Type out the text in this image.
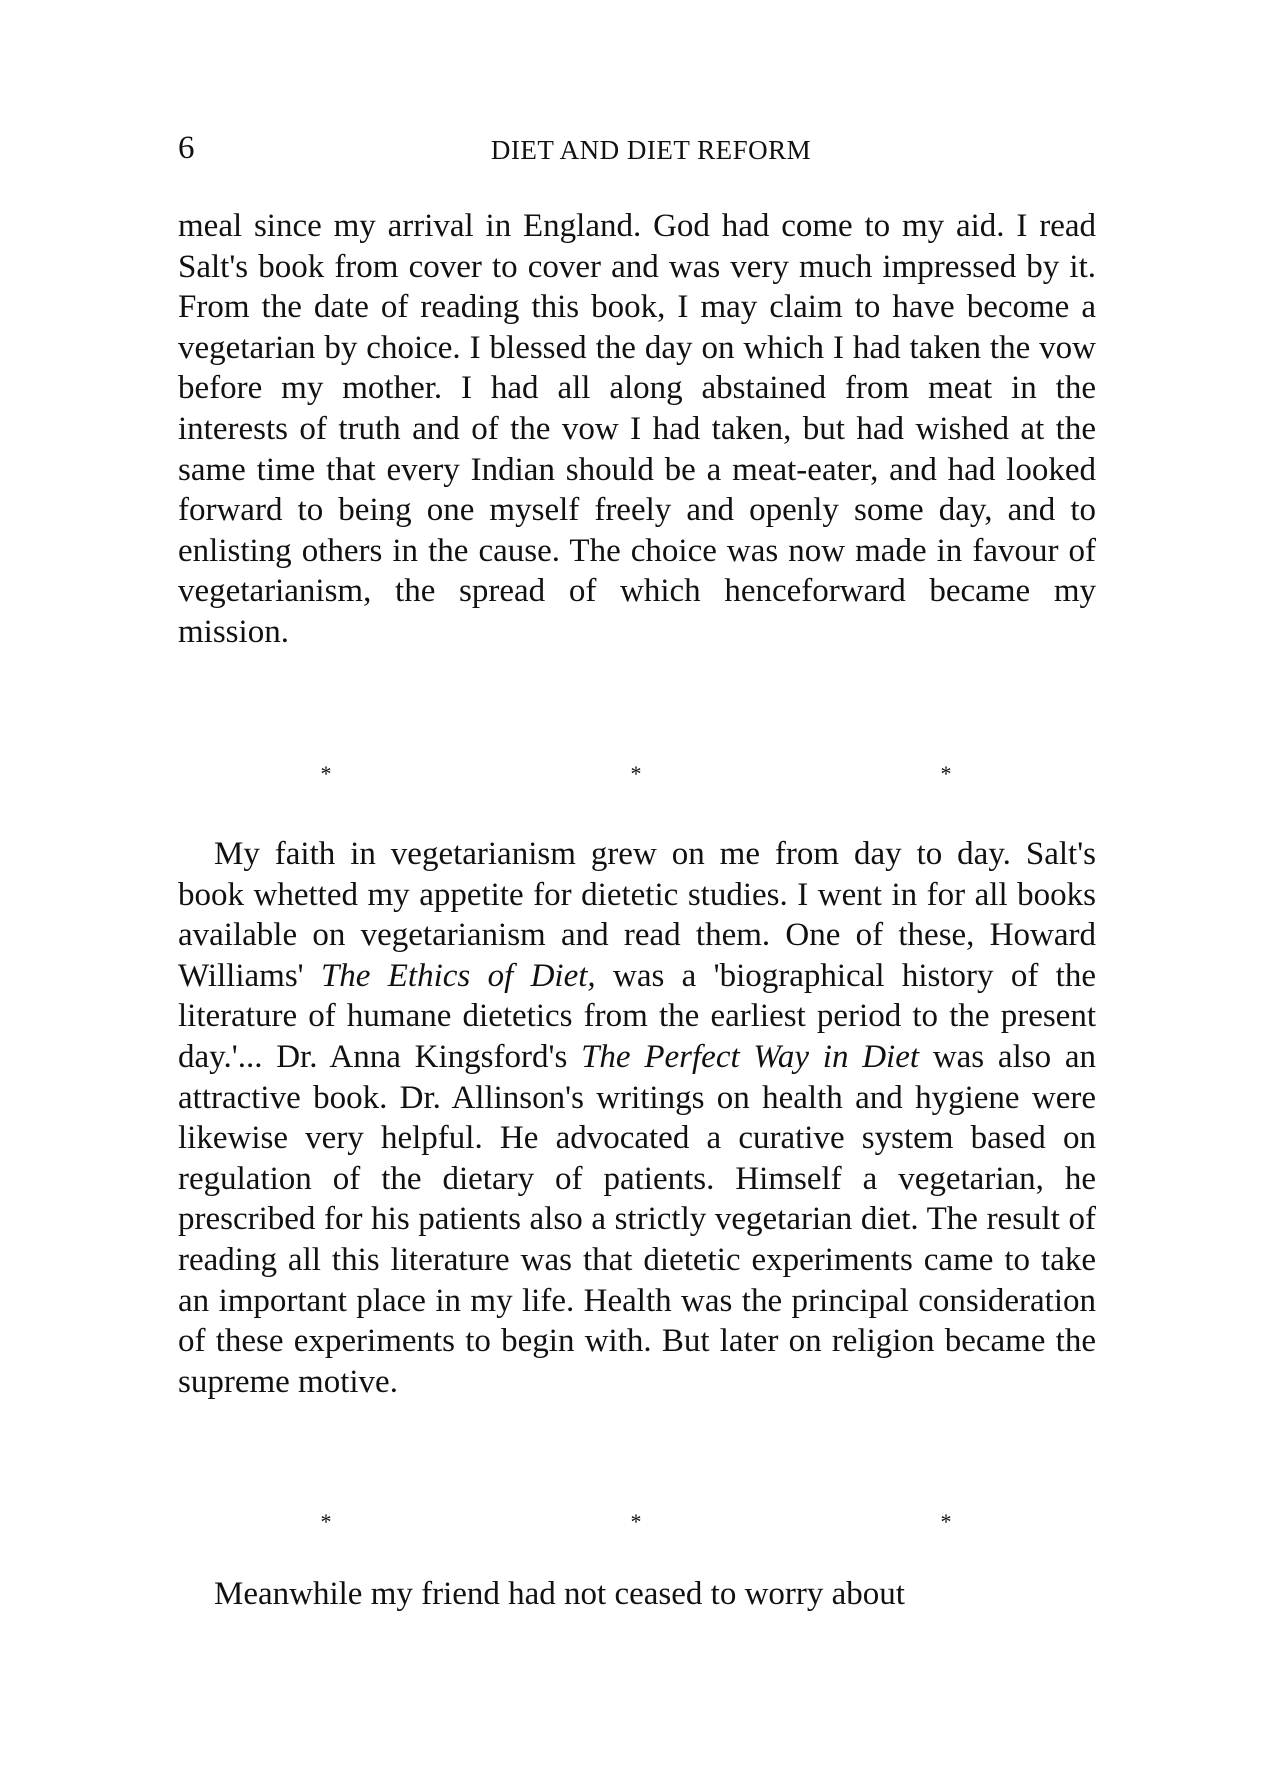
6	DIET AND DIET REFORM

meal since my arrival in England. God had come to my aid. I read Salt's book from cover to cover and was very much impressed by it. From the date of reading this book, I may claim to have become a vegetarian by choice. I blessed the day on which I had taken the vow before my mother. I had all along abstained from meat in the interests of truth and of the vow I had taken, but had wished at the same time that every Indian should be a meat-eater, and had looked forward to being one myself freely and openly some day, and to enlisting others in the cause. The choice was now made in favour of vegetarianism, the spread of which henceforward became my mission.

*	*	*

My faith in vegetarianism grew on me from day to day. Salt's book whetted my appetite for dietetic studies. I went in for all books available on vegetarianism and read them. One of these, Howard Williams' The Ethics of Diet, was a 'biographical history of the literature of humane dietetics from the earliest period to the present day.'... Dr. Anna Kingsford's The Perfect Way in Diet was also an attractive book. Dr. Allinson's writings on health and hygiene were likewise very helpful. He advocated a curative system based on regulation of the dietary of patients. Himself a vegetarian, he prescribed for his patients also a strictly vegetarian diet. The result of reading all this literature was that dietetic experiments came to take an important place in my life. Health was the principal consideration of these experiments to begin with. But later on religion became the supreme motive.

*	*	*

Meanwhile my friend had not ceased to worry about
